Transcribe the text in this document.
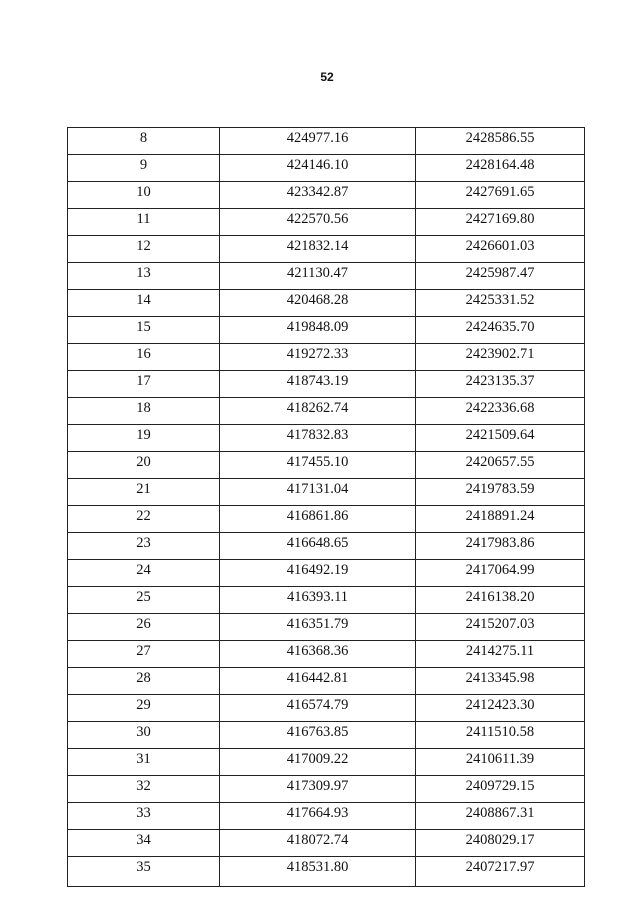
52
8	424977.16	2428586.55
9	424146.10	2428164.48
10	423342.87	2427691.65
11	422570.56	2427169.80
12	421832.14	2426601.03
13	421130.47	2425987.47
14	420468.28	2425331.52
15	419848.09	2424635.70
16	419272.33	2423902.71
17	418743.19	2423135.37
18	418262.74	2422336.68
19	417832.83	2421509.64
20	417455.10	2420657.55
21	417131.04	2419783.59
22	416861.86	2418891.24
23	416648.65	2417983.86
24	416492.19	2417064.99
25	416393.11	2416138.20
26	416351.79	2415207.03
27	416368.36	2414275.11
28	416442.81	2413345.98
29	416574.79	2412423.30
30	416763.85	2411510.58
31	417009.22	2410611.39
32	417309.97	2409729.15
33	417664.93	2408867.31
34	418072.74	2408029.17
35	418531.80	2407217.97
